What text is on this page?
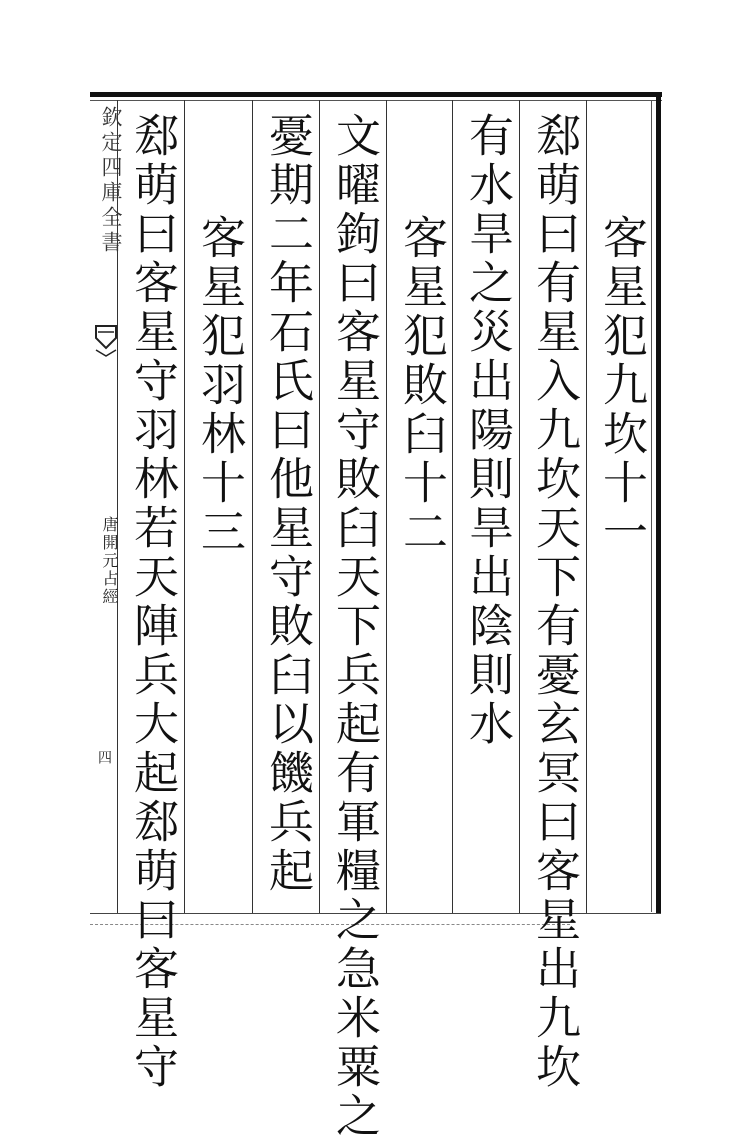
欽定四庫全書
唐開元占經
四
客星犯九坎十一
郄萌曰有星入九坎天下有憂玄冥曰客星出九坎
有水旱之災出陽則旱出陰則水
客星犯敗臼十二
文曜鉤曰客星守敗臼天下兵起有軍糧之急米粟之
憂期二年石氏曰他星守敗臼以饑兵起
客星犯羽林十三
郄萌曰客星守羽林若天陣兵大起郄萌曰客星守
